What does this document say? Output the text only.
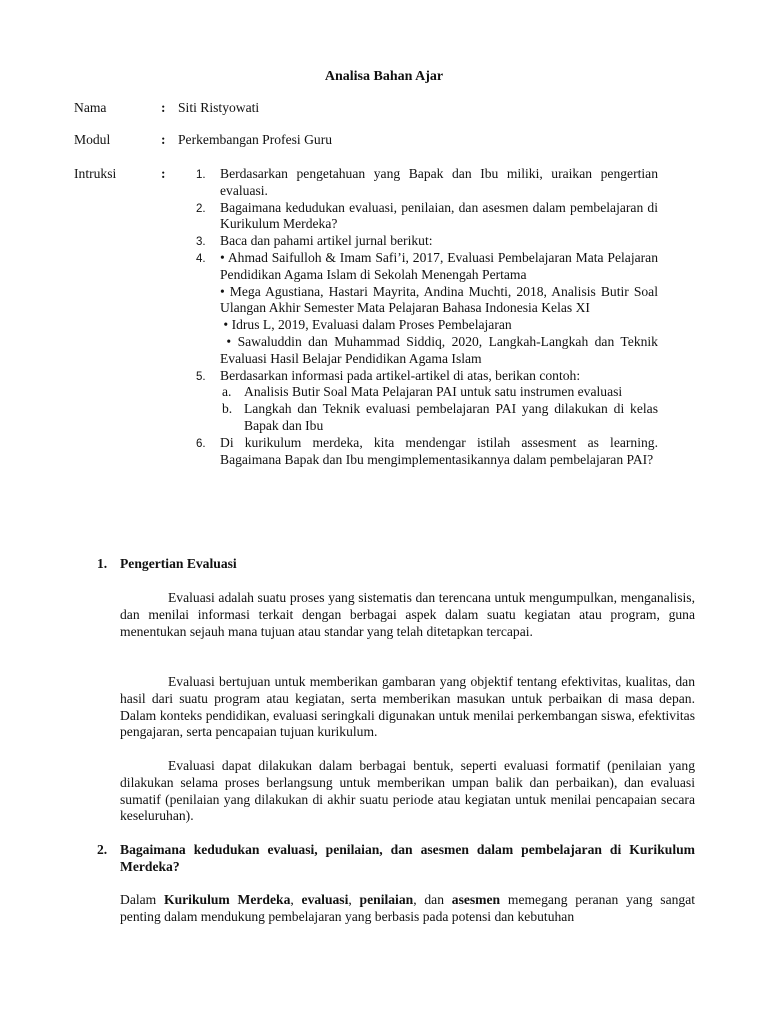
Analisa Bahan Ajar
Nama	: Siti Ristyowati
Modul	: Perkembangan Profesi Guru
Intruksi	:	1. Berdasarkan pengetahuan yang Bapak dan Ibu miliki, uraikan pengertian evaluasi.
2. Bagaimana kedudukan evaluasi, penilaian, dan asesmen dalam pembelajaran di Kurikulum Merdeka?
3. Baca dan pahami artikel jurnal berikut:
4. • Ahmad Saifulloh & Imam Safi’i, 2017, Evaluasi Pembelajaran Mata Pelajaran Pendidikan Agama Islam di Sekolah Menengah Pertama
• Mega Agustiana, Hastari Mayrita, Andina Muchti, 2018, Analisis Butir Soal Ulangan Akhir Semester Mata Pelajaran Bahasa Indonesia Kelas XI
• Idrus L, 2019, Evaluasi dalam Proses Pembelajaran
• Sawaluddin dan Muhammad Siddiq, 2020, Langkah-Langkah dan Teknik Evaluasi Hasil Belajar Pendidikan Agama Islam
5. Berdasarkan informasi pada artikel-artikel di atas, berikan contoh:
a. Analisis Butir Soal Mata Pelajaran PAI untuk satu instrumen evaluasi
b. Langkah dan Teknik evaluasi pembelajaran PAI yang dilakukan di kelas Bapak dan Ibu
6. Di kurikulum merdeka, kita mendengar istilah assesment as learning. Bagaimana Bapak dan Ibu mengimplementasikannya dalam pembelajaran PAI?
1. Pengertian Evaluasi

Evaluasi adalah suatu proses yang sistematis dan terencana untuk mengumpulkan, menganalisis, dan menilai informasi terkait dengan berbagai aspek dalam suatu kegiatan atau program, guna menentukan sejauh mana tujuan atau standar yang telah ditetapkan tercapai.

Evaluasi bertujuan untuk memberikan gambaran yang objektif tentang efektivitas, kualitas, dan hasil dari suatu program atau kegiatan, serta memberikan masukan untuk perbaikan di masa depan. Dalam konteks pendidikan, evaluasi seringkali digunakan untuk menilai perkembangan siswa, efektivitas pengajaran, serta pencapaian tujuan kurikulum.

Evaluasi dapat dilakukan dalam berbagai bentuk, seperti evaluasi formatif (penilaian yang dilakukan selama proses berlangsung untuk memberikan umpan balik dan perbaikan), dan evaluasi sumatif (penilaian yang dilakukan di akhir suatu periode atau kegiatan untuk menilai pencapaian secara keseluruhan).

2. Bagaimana kedudukan evaluasi, penilaian, dan asesmen dalam pembelajaran di Kurikulum Merdeka?

Dalam Kurikulum Merdeka, evaluasi, penilaian, dan asesmen memegang peranan yang sangat penting dalam mendukung pembelajaran yang berbasis pada potensi dan kebutuhan
